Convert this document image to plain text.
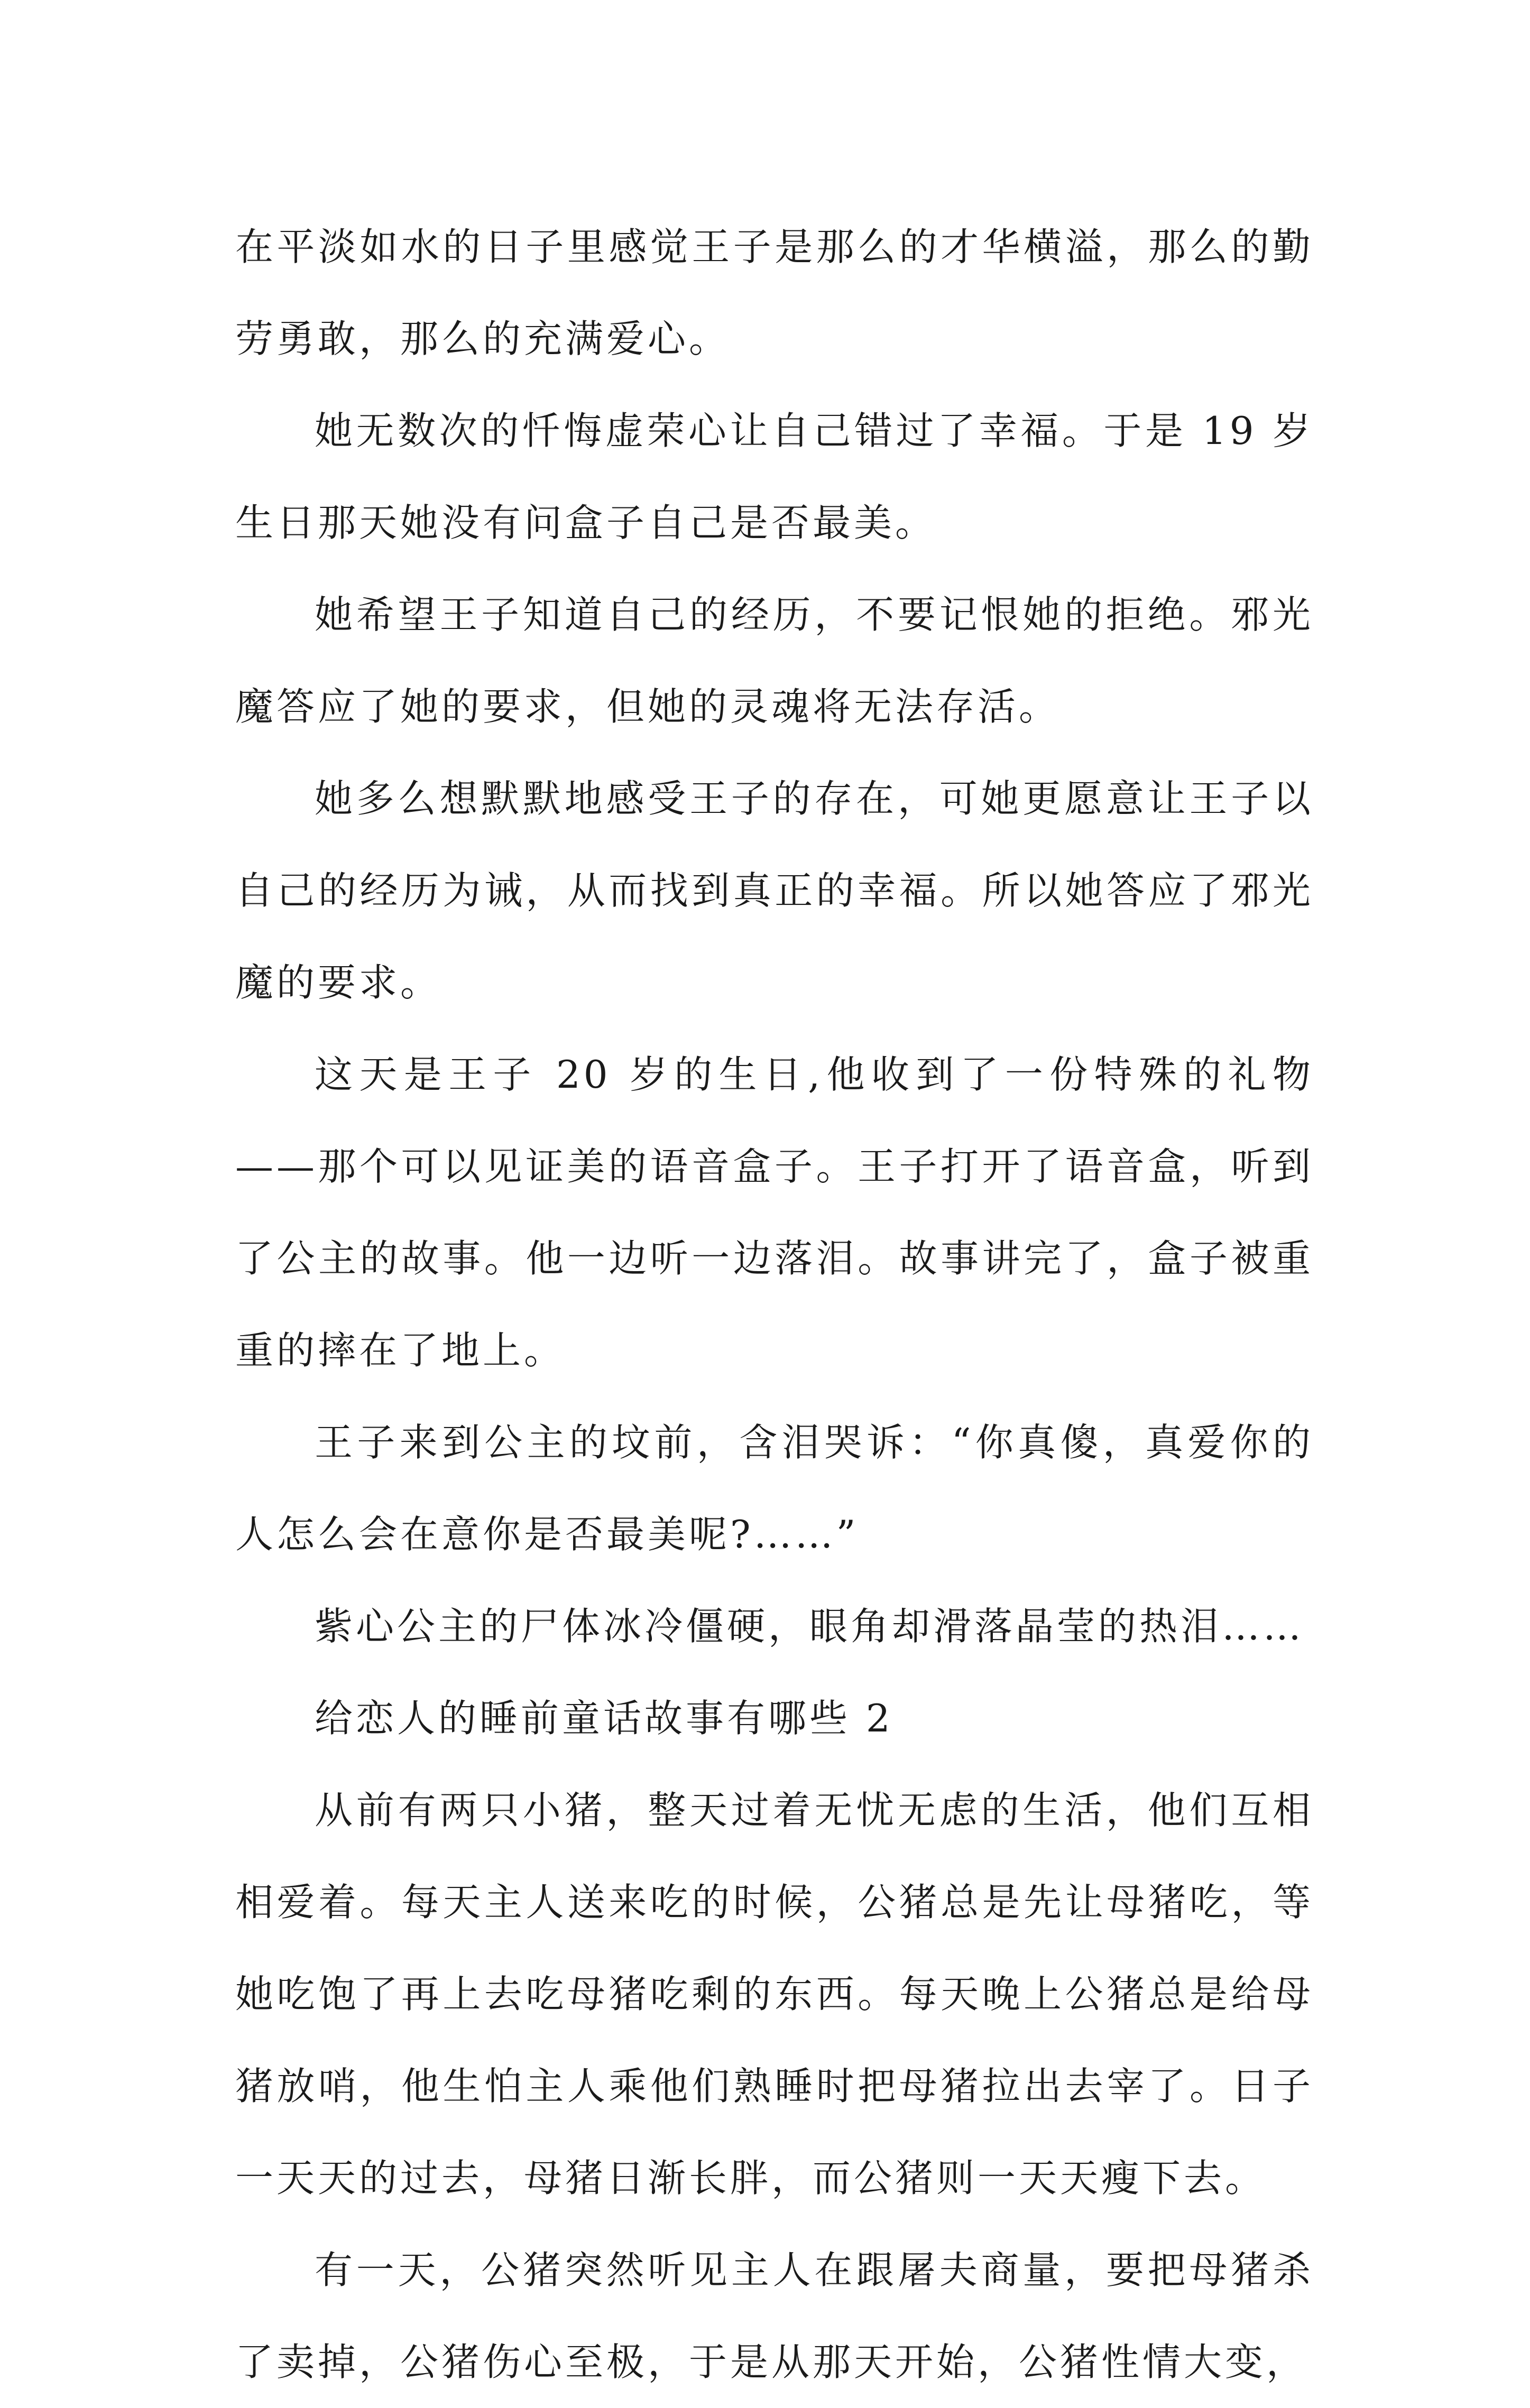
在平淡如水的日子里感觉王子是那么的才华横溢，那么的勤劳勇敢，那么的充满爱心。

她无数次的忏悔虚荣心让自己错过了幸福。于是 19 岁生日那天她没有问盒子自己是否最美。

她希望王子知道自己的经历，不要记恨她的拒绝。邪光魔答应了她的要求，但她的灵魂将无法存活。

她多么想默默地感受王子的存在，可她更愿意让王子以自己的经历为诫，从而找到真正的幸福。所以她答应了邪光魔的要求。

这天是王子 20 岁的生日,他收到了一份特殊的礼物——那个可以见证美的语音盒子。王子打开了语音盒，听到了公主的故事。他一边听一边落泪。故事讲完了，盒子被重重的摔在了地上。

王子来到公主的坟前，含泪哭诉：“你真傻，真爱你的人怎么会在意你是否最美呢?……”

紫心公主的尸体冰冷僵硬，眼角却滑落晶莹的热泪……

给恋人的睡前童话故事有哪些 2

从前有两只小猪，整天过着无忧无虑的生活，他们互相相爱着。每天主人送来吃的时候，公猪总是先让母猪吃，等她吃饱了再上去吃母猪吃剩的东西。每天晚上公猪总是给母猪放哨，他生怕主人乘他们熟睡时把母猪拉出去宰了。日子一天天的过去，母猪日渐长胖，而公猪则一天天瘦下去。

有一天，公猪突然听见主人在跟屠夫商量，要把母猪杀了卖掉，公猪伤心至极，于是从那天开始，公猪性情大变，
